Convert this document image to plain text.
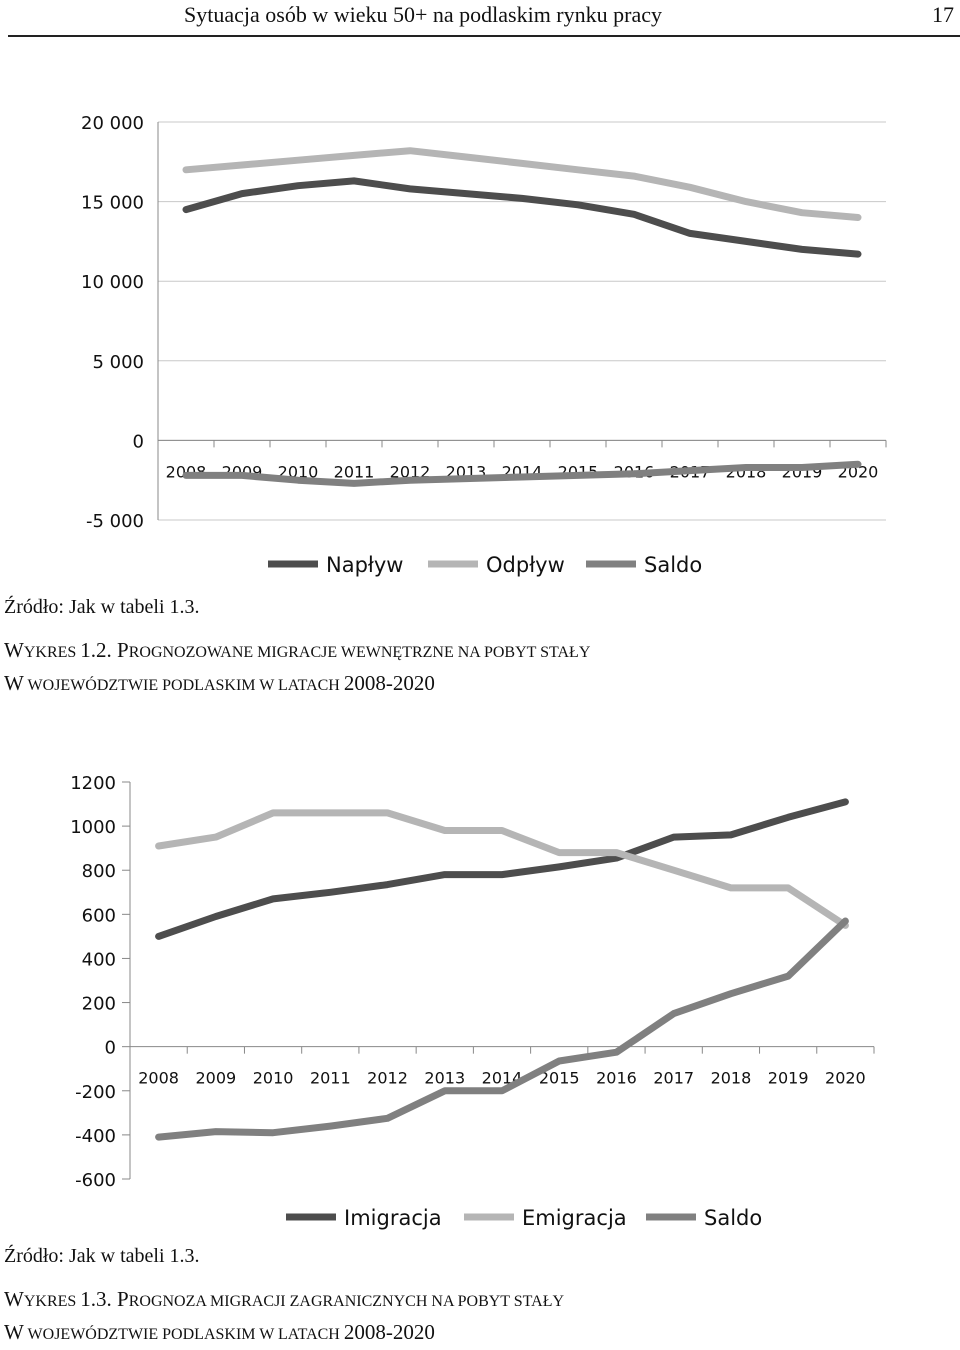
Sytuacja osób w wieku 50+ na podlaskim rynku pracy	17
-5 000
0
5 000
10 000
15 000
20 000
2008 2009 2010 2011 2012 2013 2014 2015 2016 2017 2018 2019 2020
Napływ	Odpływ	Saldo
Źródło: Jak w tabeli 1.3.
WYKRES 1.2. PROGNOZOWANE MIGRACJE WEWNĘTRZNE NA POBYT STAŁY
W WOJEWÓDZTWIE PODLASKIM W LATACH 2008-2020
-600
-400
-200
0
200
400
600
800
1000
1200
2008 2009 2010 2011 2012 2013 2014 2015 2016 2017 2018 2019 2020
Imigracja	Emigracja	Saldo
Źródło: Jak w tabeli 1.3.
WYKRES 1.3. PROGNOZA MIGRACJI ZAGRANICZNYCH NA POBYT STAŁY
W WOJEWÓDZTWIE PODLASKIM W LATACH 2008-2020
